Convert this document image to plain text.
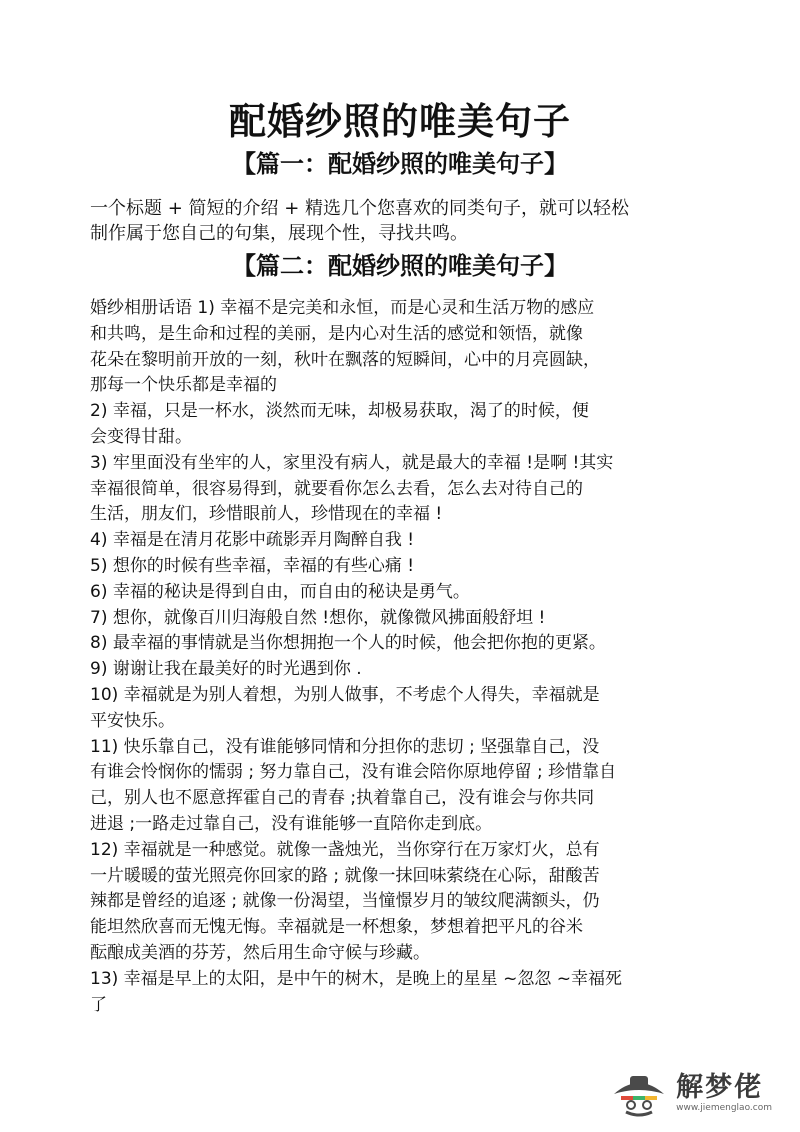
配婚纱照的唯美句子
【篇一：配婚纱照的唯美句子】
一个标题 + 简短的介绍 + 精选几个您喜欢的同类句子，就可以轻松
制作属于您自己的句集，展现个性，寻找共鸣。
【篇二：配婚纱照的唯美句子】

婚纱相册话语 1) 幸福不是完美和永恒，而是心灵和生活万物的感应

和共鸣，是生命和过程的美丽，是内心对生活的感觉和领悟，就像

花朵在黎明前开放的一刻，秋叶在飘落的短瞬间，心中的月亮圆缺，

那每一个快乐都是幸福的

2) 幸福，只是一杯水，淡然而无味，却极易获取，渴了的时候，便

会变得甘甜。

3) 牢里面没有坐牢的人，家里没有病人，就是最大的幸福 !是啊 !其实

幸福很简单，很容易得到，就要看你怎么去看，怎么去对待自己的

生活，朋友们，珍惜眼前人，珍惜现在的幸福 !

4) 幸福是在清月花影中疏影弄月陶醉自我 !

5) 想你的时候有些幸福，幸福的有些心痛 !

6) 幸福的秘诀是得到自由，而自由的秘诀是勇气。

7) 想你，就像百川归海般自然 !想你，就像微风拂面般舒坦 !

8) 最幸福的事情就是当你想拥抱一个人的时候，他会把你抱的更紧。

9) 谢谢让我在最美好的时光遇到你 .

10) 幸福就是为别人着想，为别人做事，不考虑个人得失，幸福就是

平安快乐。

11) 快乐靠自己，没有谁能够同情和分担你的悲切 ; 坚强靠自己，没

有谁会怜悯你的懦弱 ; 努力靠自己，没有谁会陪你原地停留 ; 珍惜靠自

己，别人也不愿意挥霍自己的青春 ;执着靠自己，没有谁会与你共同

进退 ;一路走过靠自己，没有谁能够一直陪你走到底。

12) 幸福就是一种感觉。就像一盏烛光，当你穿行在万家灯火，总有

一片暖暖的萤光照亮你回家的路 ; 就像一抹回味萦绕在心际，甜酸苦

辣都是曾经的追逐 ; 就像一份渴望，当憧憬岁月的皱纹爬满额头，仍

能坦然欣喜而无愧无悔。幸福就是一杯想象，梦想着把平凡的谷米

酝酿成美酒的芬芳，然后用生命守候与珍藏。

13) 幸福是早上的太阳，是中午的树木，是晚上的星星 ~忽忽 ~幸福死

了

解梦佬
www.jiemenglao.com
